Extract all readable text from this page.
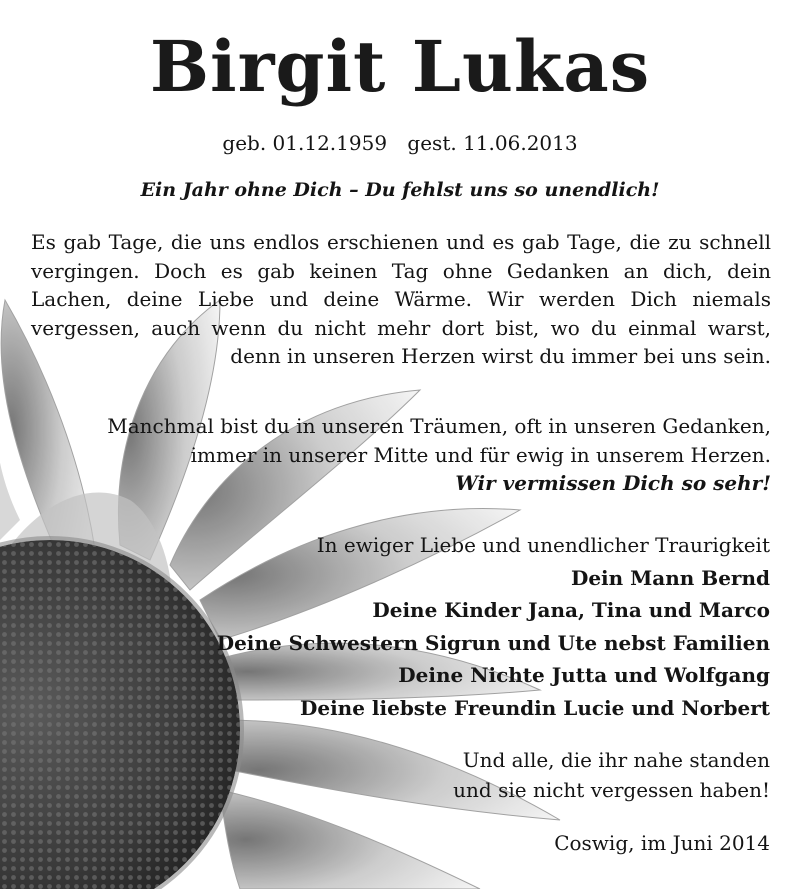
Birgit Lukas
geb. 01.12.1959 gest. 11.06.2013
Ein Jahr ohne Dich – Du fehlst uns so unendlich!
Es gab Tage, die uns endlos erschienen und es gab Tage, die zu schnell vergingen. Doch es gab keinen Tag ohne Gedanken an dich, dein Lachen, deine Liebe und deine Wärme. Wir werden Dich niemals vergessen, auch wenn du nicht mehr dort bist, wo du einmal warst, denn in unseren Herzen wirst du immer bei uns sein.
Manchmal bist du in unseren Träumen, oft in unseren Gedanken,
immer in unserer Mitte und für ewig in unserem Herzen.
Wir vermissen Dich so sehr!
In ewiger Liebe und unendlicher Traurigkeit
Dein Mann Bernd
Deine Kinder Jana, Tina und Marco
Deine Schwestern Sigrun und Ute nebst Familien
Deine Nichte Jutta und Wolfgang
Deine liebste Freundin Lucie und Norbert
Und alle, die ihr nahe standen
und sie nicht vergessen haben!
Coswig, im Juni 2014
